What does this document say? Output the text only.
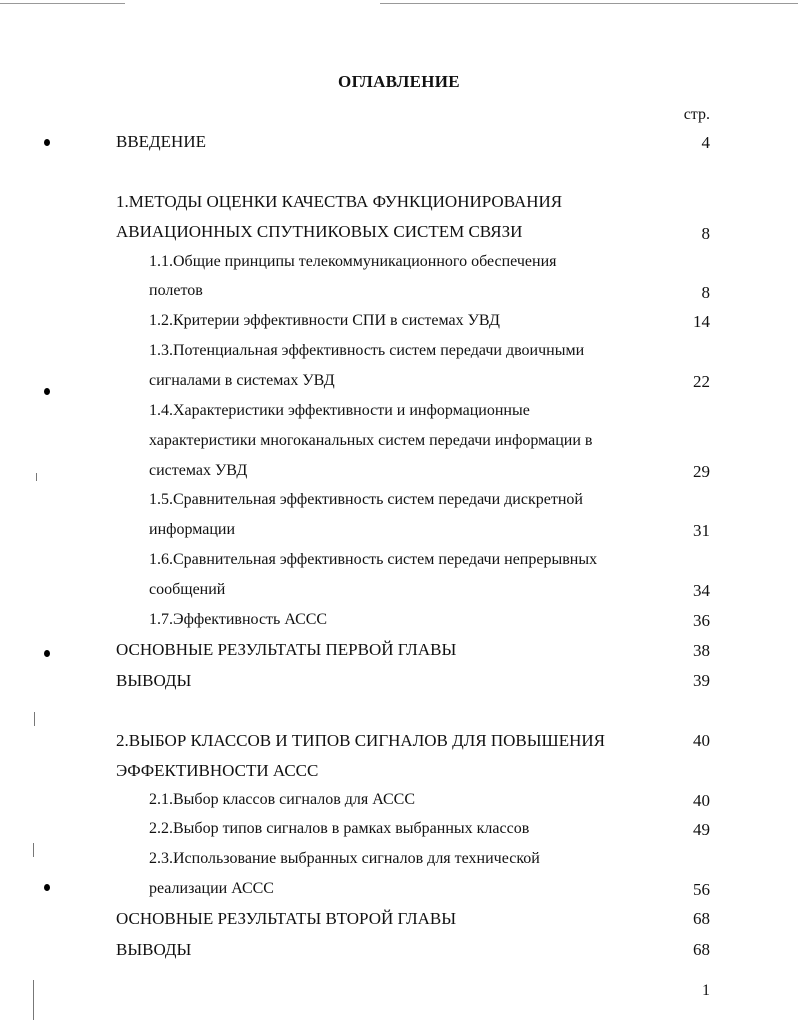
ОГЛАВЛЕНИЕ
стр.
ВВЕДЕНИЕ	4
1.МЕТОДЫ ОЦЕНКИ КАЧЕСТВА ФУНКЦИОНИРОВАНИЯ
АВИАЦИОННЫХ СПУТНИКОВЫХ СИСТЕМ СВЯЗИ	8
1.1.Общие принципы телекоммуникационного обеспечения
полетов	8
1.2.Критерии эффективности СПИ в системах УВД	14
1.3.Потенциальная эффективность систем передачи двоичными
сигналами в системах УВД	22
1.4.Характеристики эффективности и информационные
характеристики многоканальных систем передачи информации в
системах УВД	29
1.5.Сравнительная эффективность систем передачи дискретной
информации	31
1.6.Сравнительная эффективность систем передачи непрерывных
сообщений	34
1.7.Эффективность АССС	36
ОСНОВНЫЕ РЕЗУЛЬТАТЫ ПЕРВОЙ ГЛАВЫ	38
ВЫВОДЫ	39
2.ВЫБОР КЛАССОВ И ТИПОВ СИГНАЛОВ ДЛЯ ПОВЫШЕНИЯ	40
ЭФФЕКТИВНОСТИ АССС
2.1.Выбор классов сигналов для АССС	40
2.2.Выбор типов сигналов в рамках выбранных классов	49
2.3.Использование выбранных сигналов для технической
реализации АССС	56
ОСНОВНЫЕ РЕЗУЛЬТАТЫ ВТОРОЙ ГЛАВЫ	68
ВЫВОДЫ	68
1
